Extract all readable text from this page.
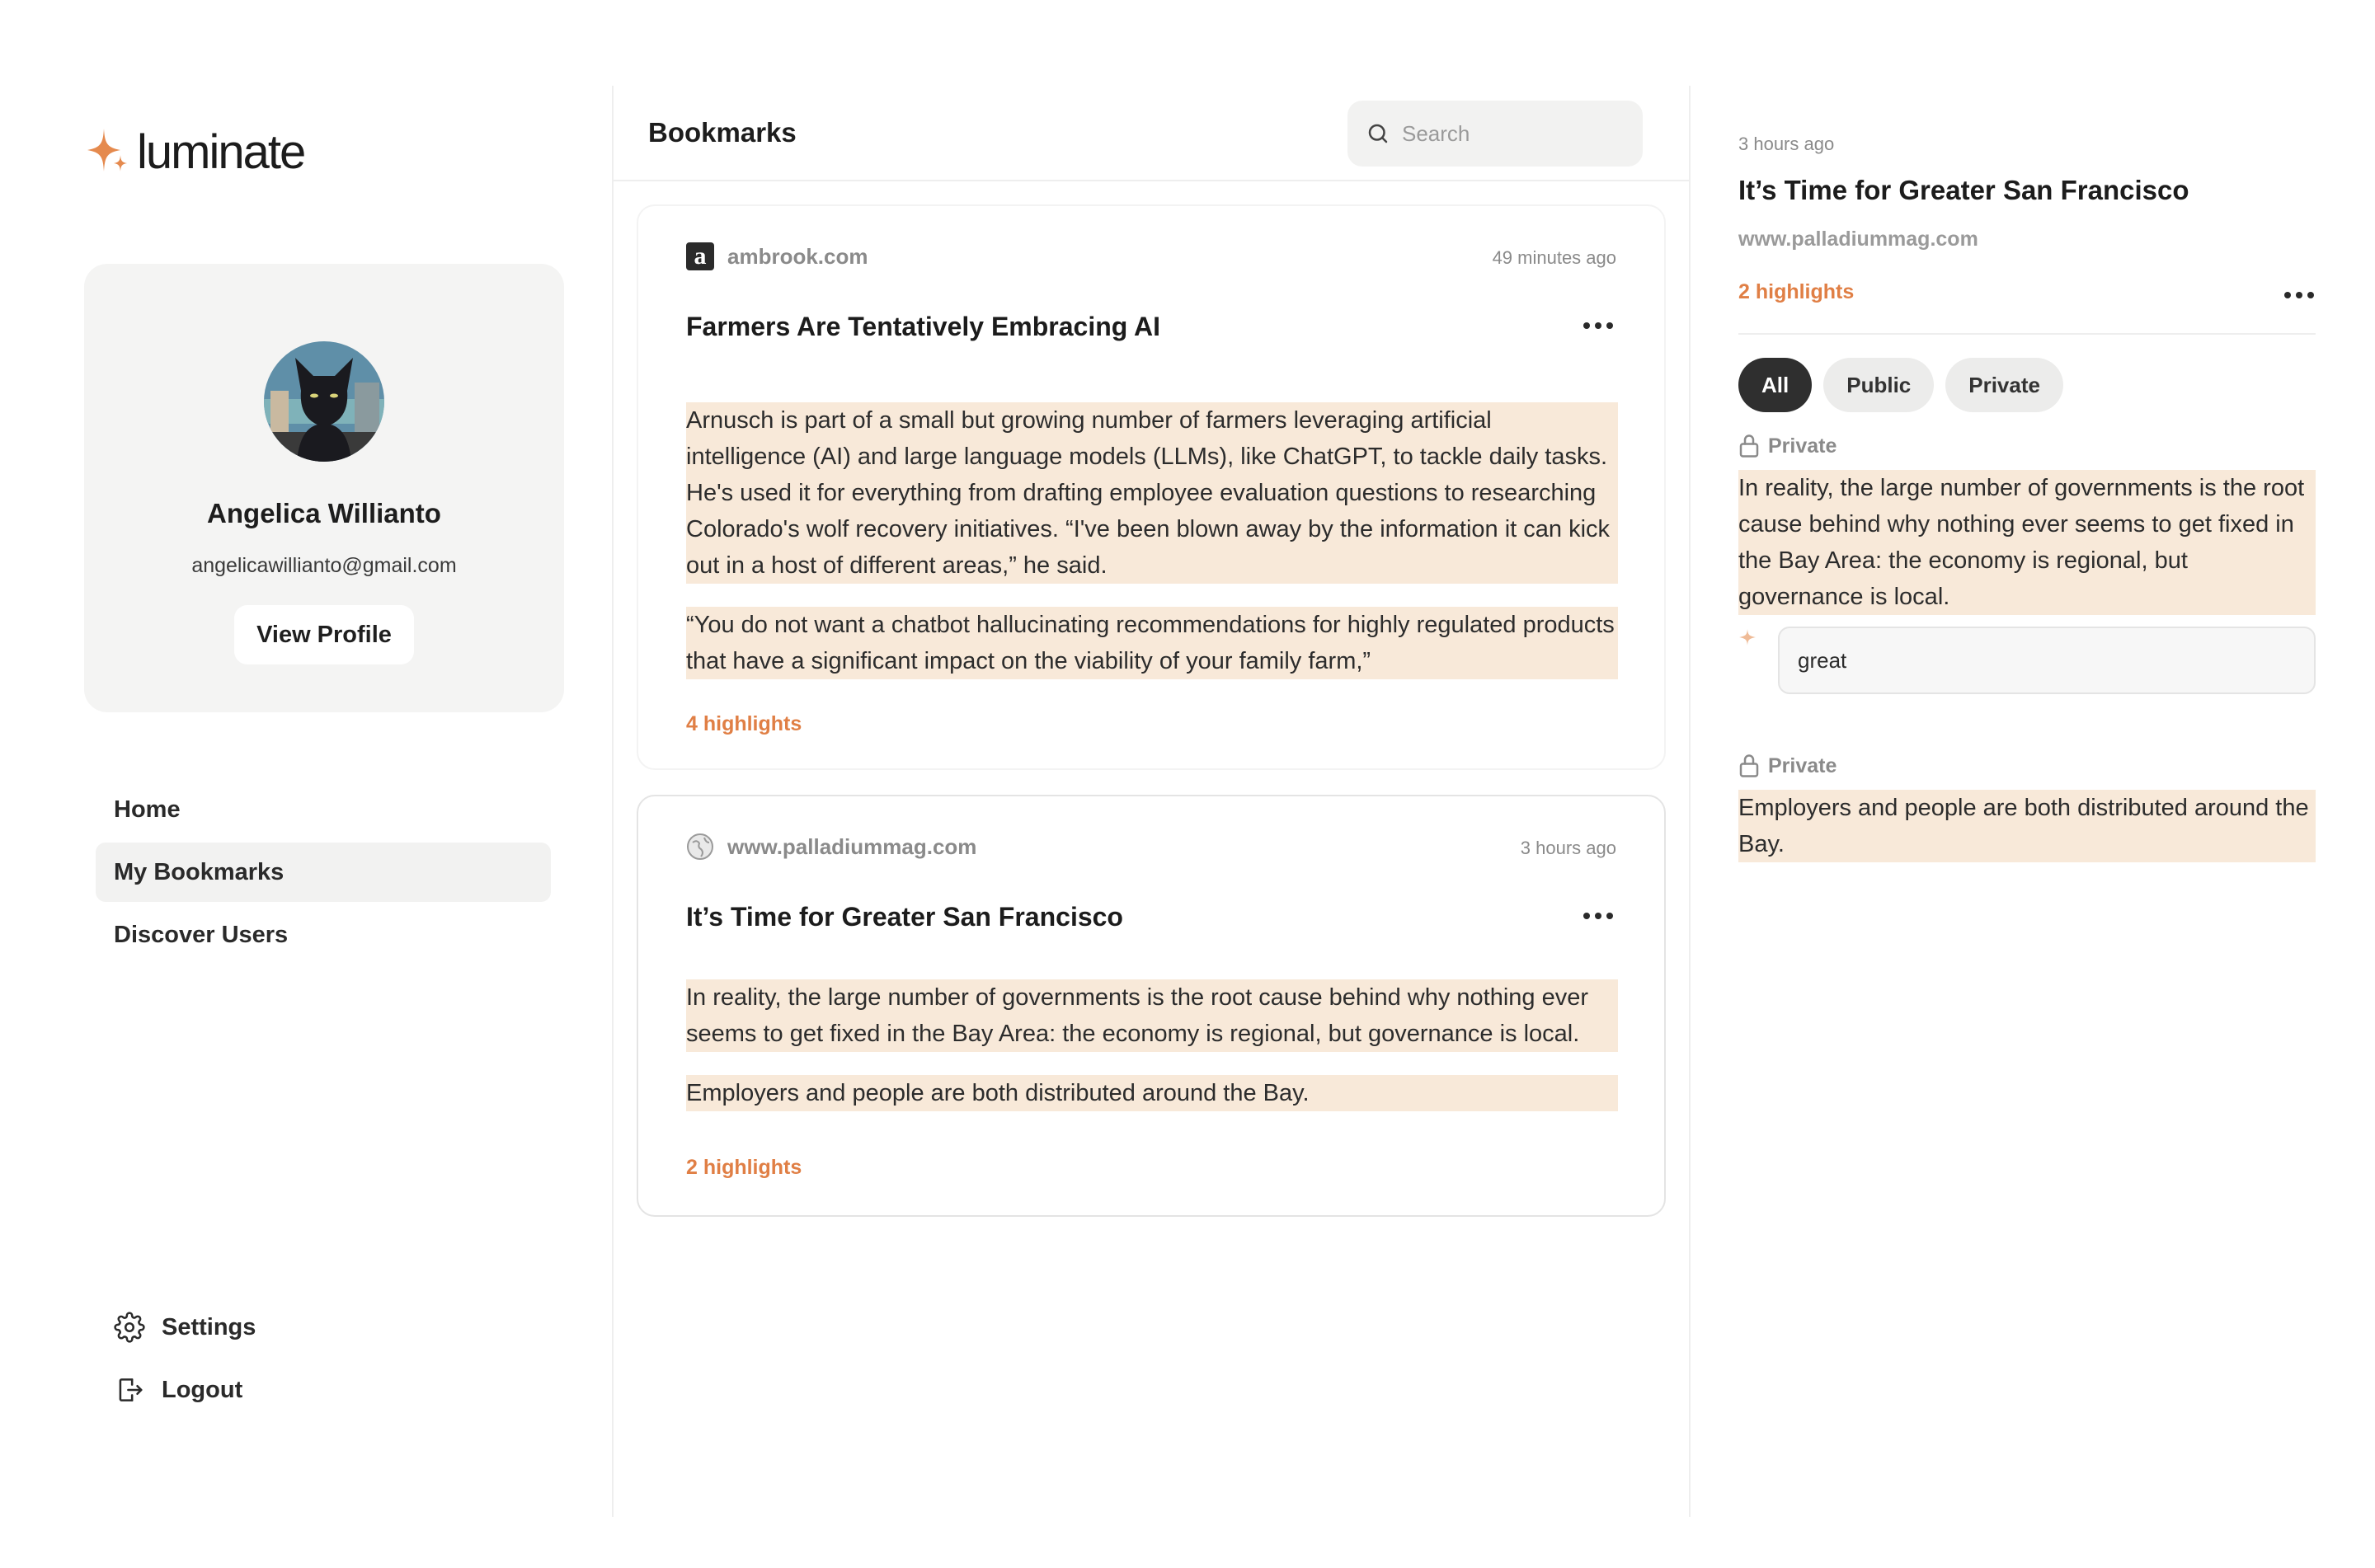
luminate
Angelica Willianto
angelicawillianto@gmail.com
View Profile
Home
My Bookmarks
Discover Users
Settings
Logout
Bookmarks
Search
a ambrook.com	49 minutes ago
Farmers Are Tentatively Embracing AI
Arnusch is part of a small but growing number of farmers leveraging artificial intelligence (AI) and large language models (LLMs), like ChatGPT, to tackle daily tasks. He's used it for everything from drafting employee evaluation questions to researching Colorado's wolf recovery initiatives. “I've been blown away by the information it can kick out in a host of different areas,” he said.
“You do not want a chatbot hallucinating recommendations for highly regulated products that have a significant impact on the viability of your family farm,”
4 highlights
www.palladiummag.com	3 hours ago
It’s Time for Greater San Francisco
In reality, the large number of governments is the root cause behind why nothing ever seems to get fixed in the Bay Area: the economy is regional, but governance is local.
Employers and people are both distributed around the Bay.
2 highlights
3 hours ago
It’s Time for Greater San Francisco
www.palladiummag.com
2 highlights
All	Public	Private
Private
In reality, the large number of governments is the root cause behind why nothing ever seems to get fixed in the Bay Area: the economy is regional, but governance is local.
great
Private
Employers and people are both distributed around the Bay.
